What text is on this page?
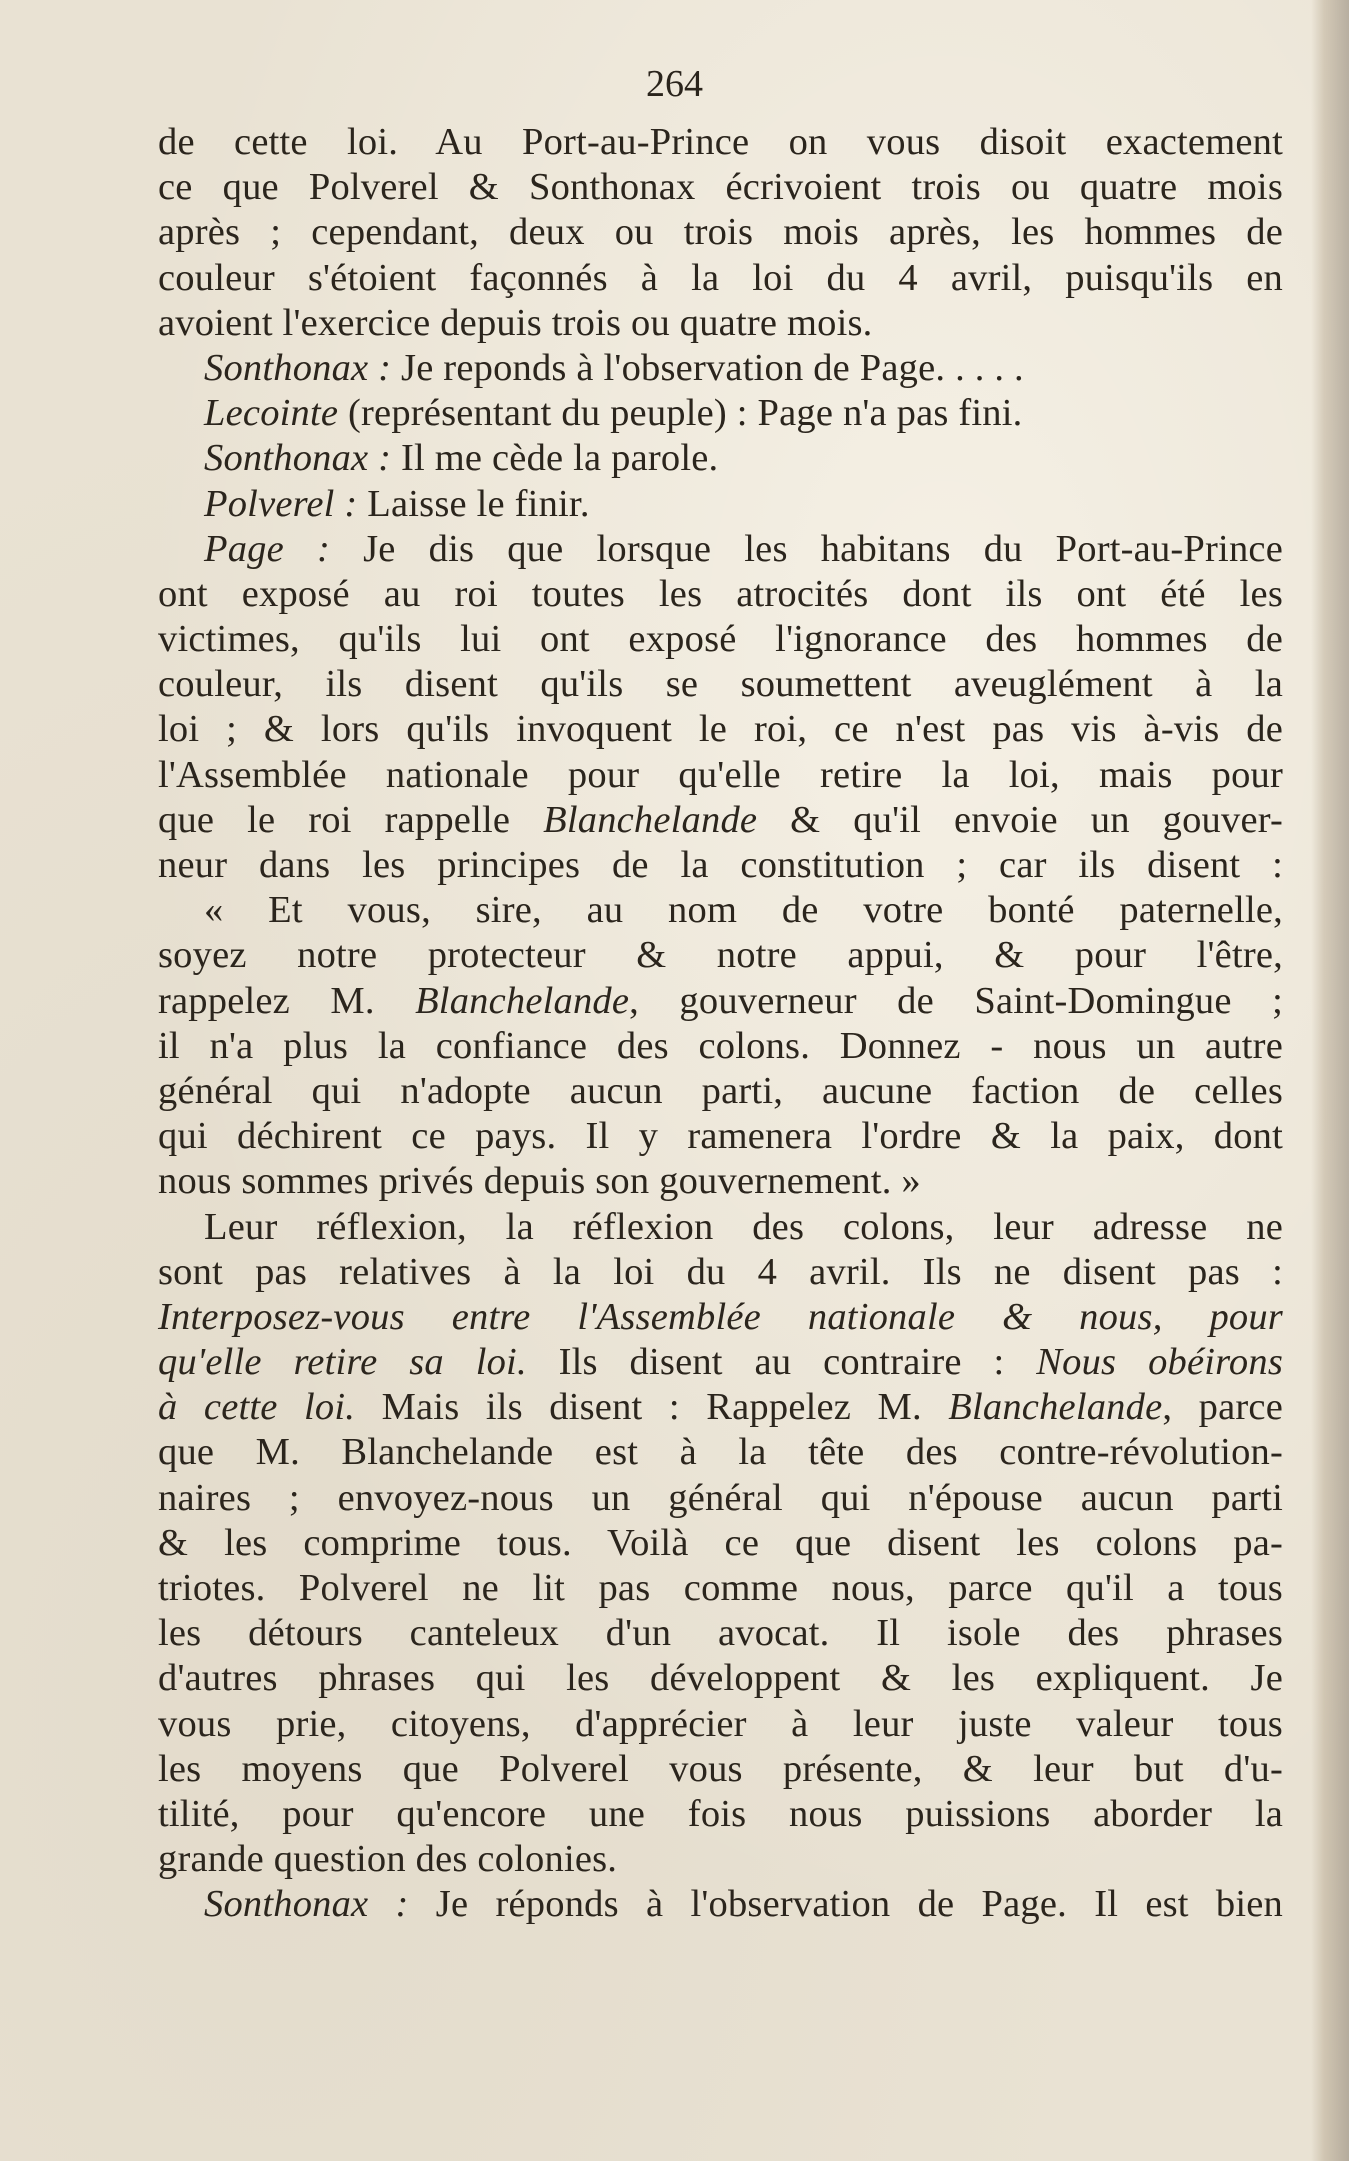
264
de cette loi. Au Port-au-Prince on vous disoit exactement
ce que Polverel & Sonthonax écrivoient trois ou quatre mois
après ; cependant, deux ou trois mois après, les hommes de
couleur s'étoient façonnés à la loi du 4 avril, puisqu'ils en
avoient l'exercice depuis trois ou quatre mois.
Sonthonax : Je reponds à l'observation de Page. . . . .
Lecointe (représentant du peuple) : Page n'a pas fini.
Sonthonax : Il me cède la parole.
Polverel : Laisse le finir.
Page : Je dis que lorsque les habitans du Port-au-Prince
ont exposé au roi toutes les atrocités dont ils ont été les
victimes, qu'ils lui ont exposé l'ignorance des hommes de
couleur, ils disent qu'ils se soumettent aveuglément à la
loi ; & lors qu'ils invoquent le roi, ce n'est pas vis à-vis de
l'Assemblée nationale pour qu'elle retire la loi, mais pour
que le roi rappelle Blanchelande & qu'il envoie un gouver-
neur dans les principes de la constitution ; car ils disent :
« Et vous, sire, au nom de votre bonté paternelle,
soyez notre protecteur & notre appui, & pour l'être,
rappelez M. Blanchelande, gouverneur de Saint-Domingue ;
il n'a plus la confiance des colons. Donnez - nous un autre
général qui n'adopte aucun parti, aucune faction de celles
qui déchirent ce pays. Il y ramenera l'ordre & la paix, dont
nous sommes privés depuis son gouvernement. »
Leur réflexion, la réflexion des colons, leur adresse ne
sont pas relatives à la loi du 4 avril. Ils ne disent pas :
Interposez-vous entre l'Assemblée nationale & nous, pour
qu'elle retire sa loi. Ils disent au contraire : Nous obéirons
à cette loi. Mais ils disent : Rappelez M. Blanchelande, parce
que M. Blanchelande est à la tête des contre-révolution-
naires ; envoyez-nous un général qui n'épouse aucun parti
& les comprime tous. Voilà ce que disent les colons pa-
triotes. Polverel ne lit pas comme nous, parce qu'il a tous
les détours canteleux d'un avocat. Il isole des phrases
d'autres phrases qui les développent & les expliquent. Je
vous prie, citoyens, d'apprécier à leur juste valeur tous
les moyens que Polverel vous présente, & leur but d'u-
tilité, pour qu'encore une fois nous puissions aborder la
grande question des colonies.
Sonthonax : Je réponds à l'observation de Page. Il est bien
